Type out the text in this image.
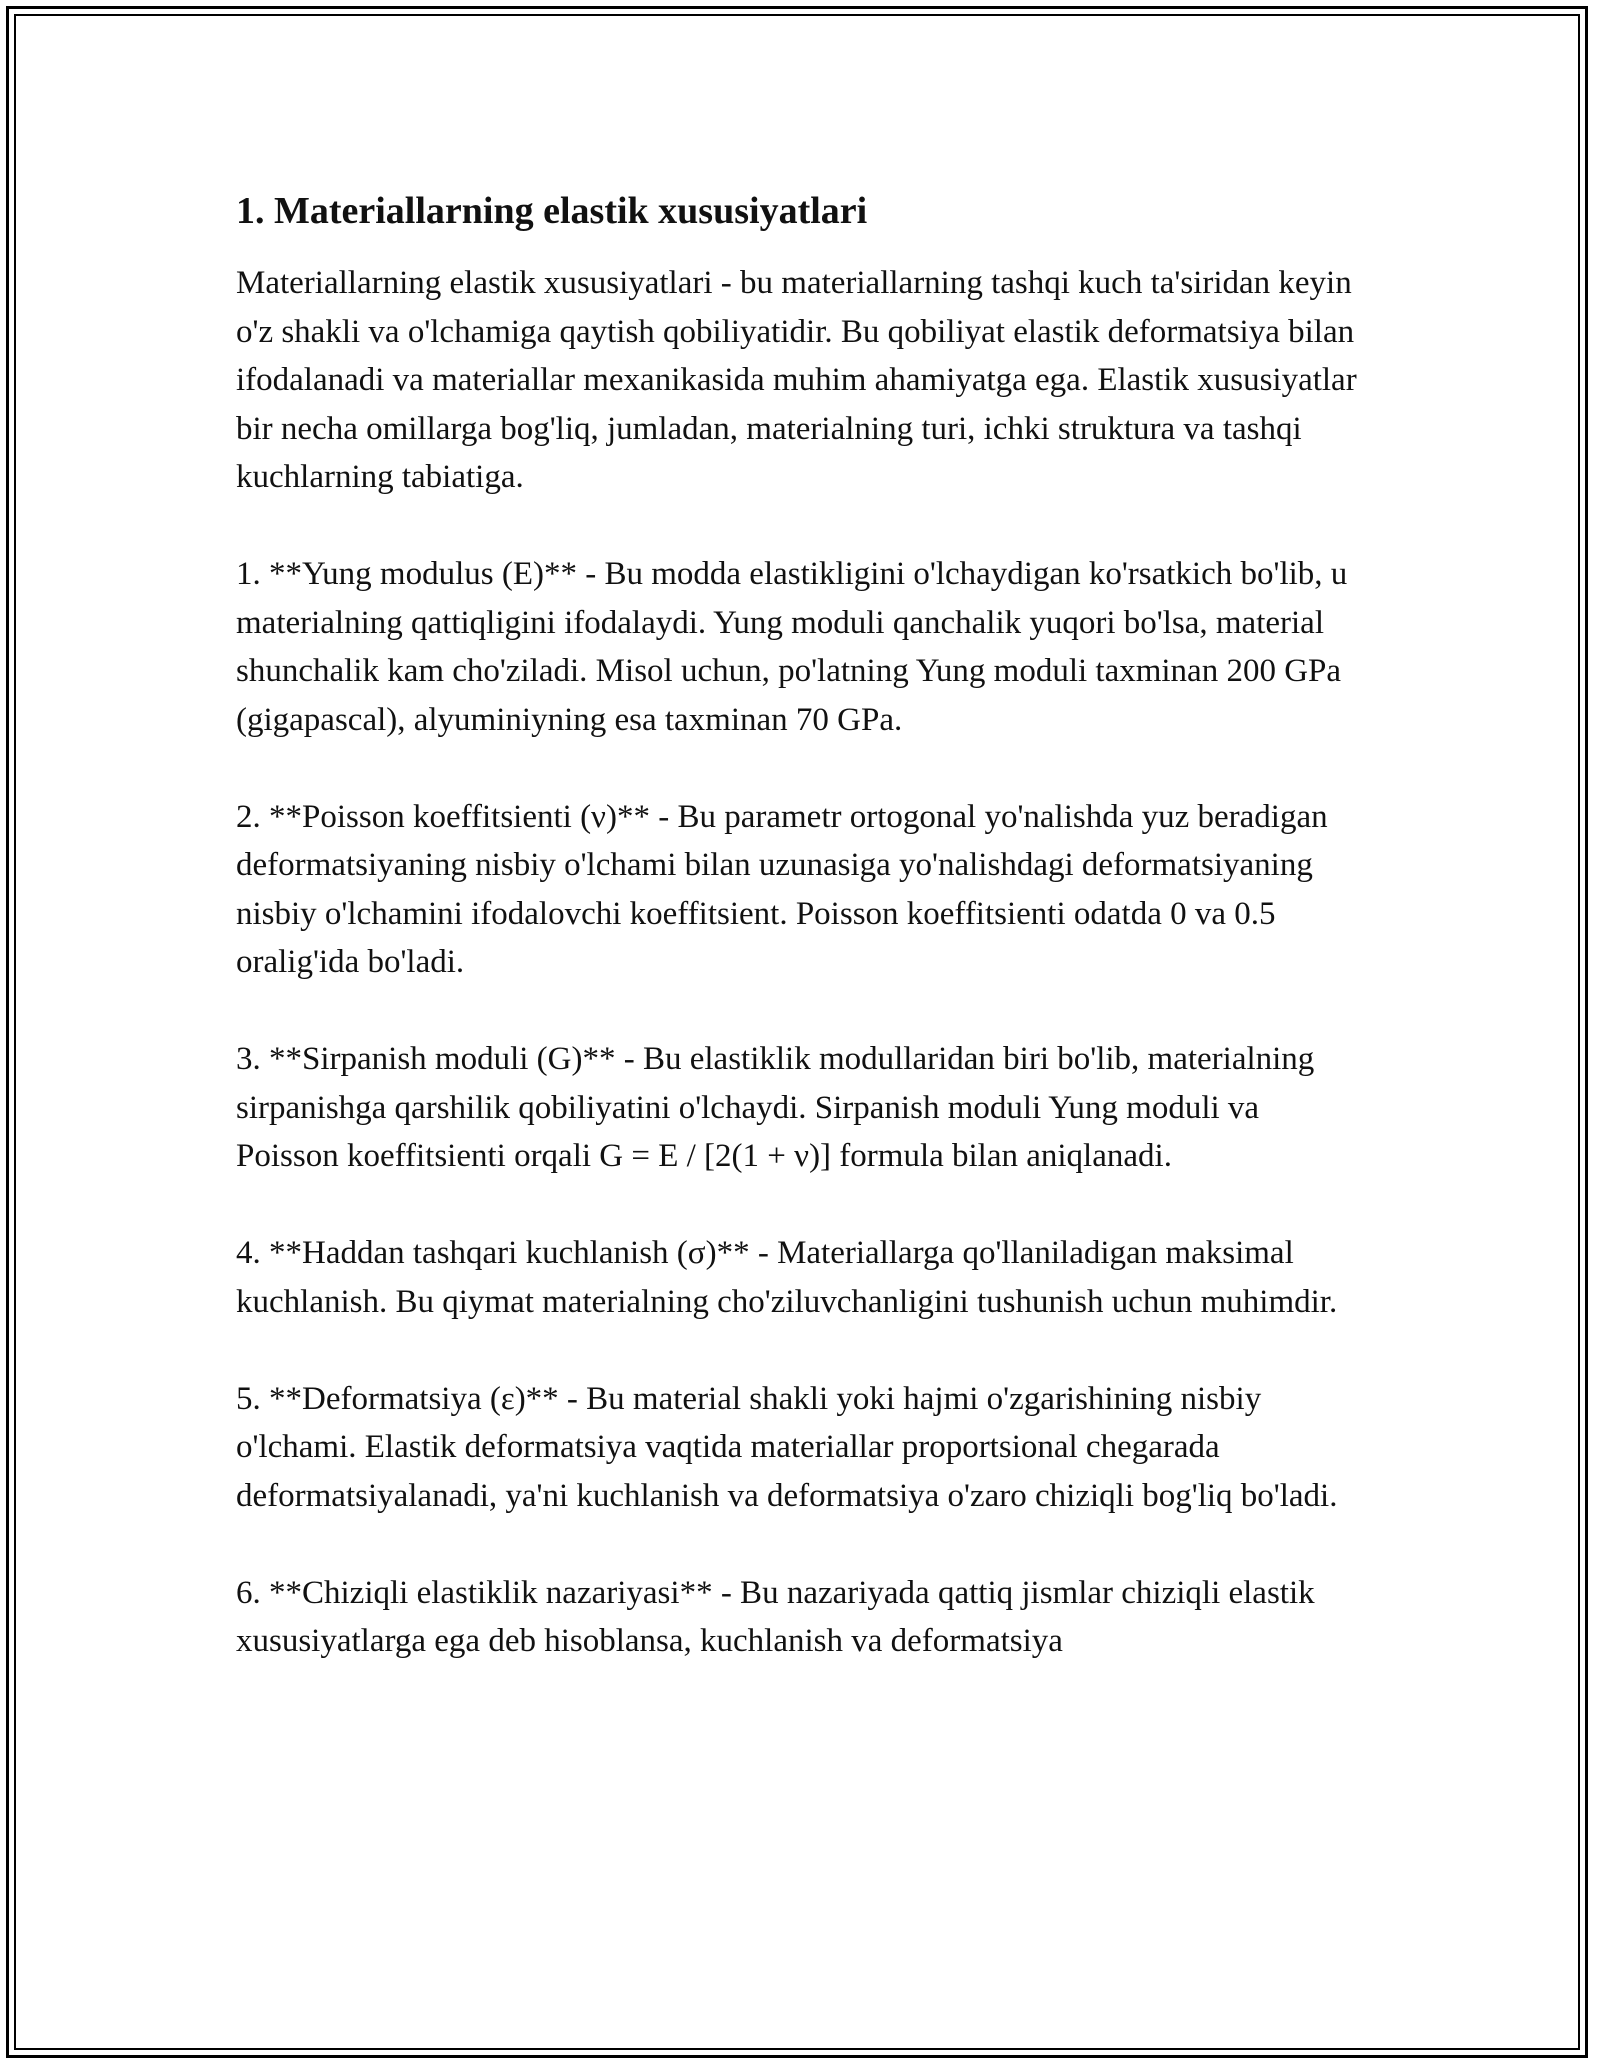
1. Materiallarning elastik xususiyatlari

Materiallarning elastik xususiyatlari - bu materiallarning tashqi kuch ta'siridan keyin o'z shakli va o'lchamiga qaytish qobiliyatidir. Bu qobiliyat elastik deformatsiya bilan ifodalanadi va materiallar mexanikasida muhim ahamiyatga ega. Elastik xususiyatlar bir necha omillarga bog'liq, jumladan, materialning turi, ichki struktura va tashqi kuchlarning tabiatiga.

1. **Yung modulus (E)** - Bu modda elastikligini o'lchaydigan ko'rsatkich bo'lib, u materialning qattiqligini ifodalaydi. Yung moduli qanchalik yuqori bo'lsa, material shunchalik kam cho'ziladi. Misol uchun, po'latning Yung moduli taxminan 200 GPa (gigapascal), alyuminiyning esa taxminan 70 GPa.

2. **Poisson koeffitsienti (ν)** - Bu parametr ortogonal yo'nalishda yuz beradigan deformatsiyaning nisbiy o'lchami bilan uzunasiga yo'nalishdagi deformatsiyaning nisbiy o'lchamini ifodalovchi koeffitsient. Poisson koeffitsienti odatda 0 va 0.5 oralig'ida bo'ladi.

3. **Sirpanish moduli (G)** - Bu elastiklik modullaridan biri bo'lib, materialning sirpanishga qarshilik qobiliyatini o'lchaydi. Sirpanish moduli Yung moduli va Poisson koeffitsienti orqali G = E / [2(1 + ν)] formula bilan aniqlanadi.

4. **Haddan tashqari kuchlanish (σ)** - Materiallarga qo'llaniladigan maksimal kuchlanish. Bu qiymat materialning cho'ziluvchanligini tushunish uchun muhimdir.

5. **Deformatsiya (ε)** - Bu material shakli yoki hajmi o'zgarishining nisbiy o'lchami. Elastik deformatsiya vaqtida materiallar proportsional chegarada deformatsiyalanadi, ya'ni kuchlanish va deformatsiya o'zaro chiziqli bog'liq bo'ladi.

6. **Chiziqli elastiklik nazariyasi** - Bu nazariyada qattiq jismlar chiziqli elastik xususiyatlarga ega deb hisoblansa, kuchlanish va deformatsiya
